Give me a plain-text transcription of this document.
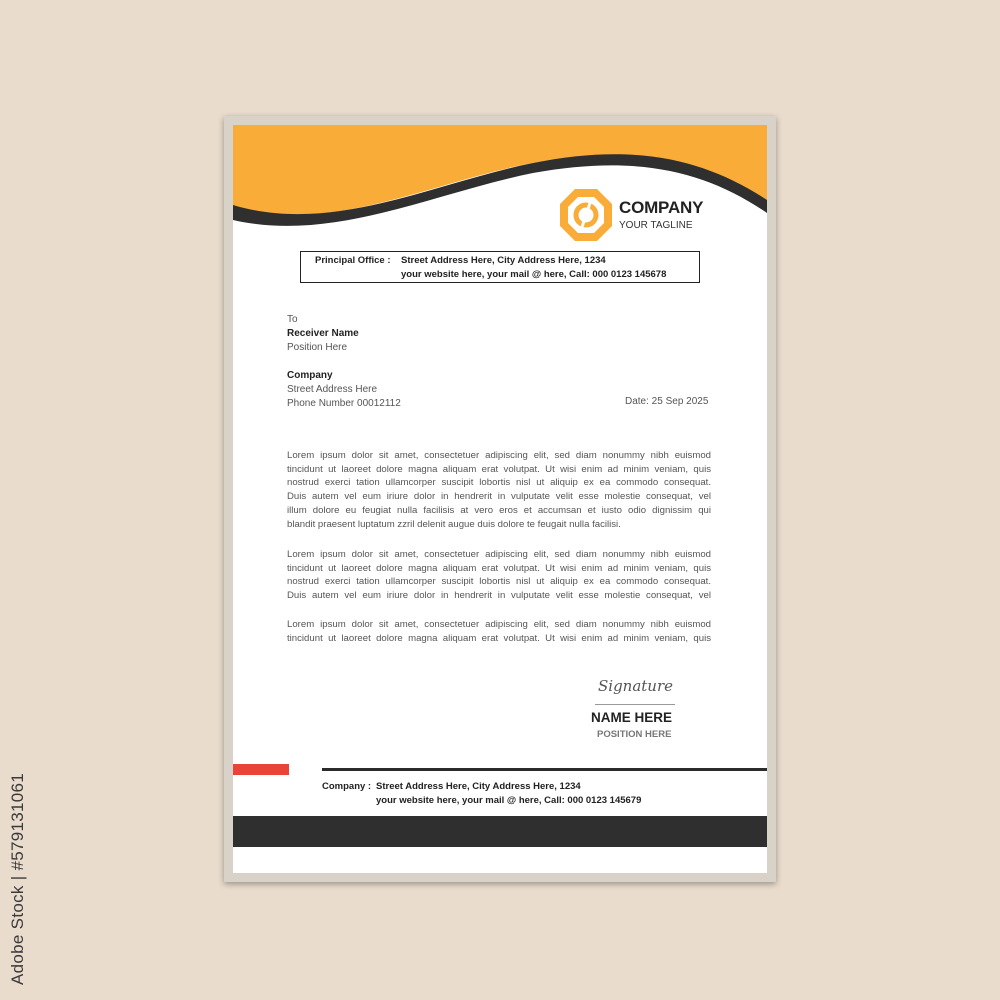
Adobe Stock | #579131061
COMPANY
YOUR TAGLINE
Principal Office : Street Address Here, City Address Here, 1234
your website here, your mail @ here, Call: 000 0123 145678
To
Receiver Name
Position Here
Company
Street Address Here
Phone Number 00012112	Date: 25 Sep 2025
Lorem ipsum dolor sit amet, consectetuer adipiscing elit, sed diam nonummy nibh euismod
tincidunt ut laoreet dolore magna aliquam erat volutpat. Ut wisi enim ad minim veniam, quis
nostrud exerci tation ullamcorper suscipit lobortis nisl ut aliquip ex ea commodo consequat.
Duis autem vel eum iriure dolor in hendrerit in vulputate velit esse molestie consequat, vel
illum dolore eu feugiat nulla facilisis at vero eros et accumsan et iusto odio dignissim qui
blandit praesent luptatum zzril delenit augue duis dolore te feugait nulla facilisi.
Lorem ipsum dolor sit amet, consectetuer adipiscing elit, sed diam nonummy nibh euismod
tincidunt ut laoreet dolore magna aliquam erat volutpat. Ut wisi enim ad minim veniam, quis
nostrud exerci tation ullamcorper suscipit lobortis nisl ut aliquip ex ea commodo consequat.
Duis autem vel eum iriure dolor in hendrerit in vulputate velit esse molestie consequat, vel
Lorem ipsum dolor sit amet, consectetuer adipiscing elit, sed diam nonummy nibh euismod
tincidunt ut laoreet dolore magna aliquam erat volutpat. Ut wisi enim ad minim veniam, quis
Signature
NAME HERE
POSITION HERE
Company : Street Address Here, City Address Here, 1234
your website here, your mail @ here, Call: 000 0123 145679
